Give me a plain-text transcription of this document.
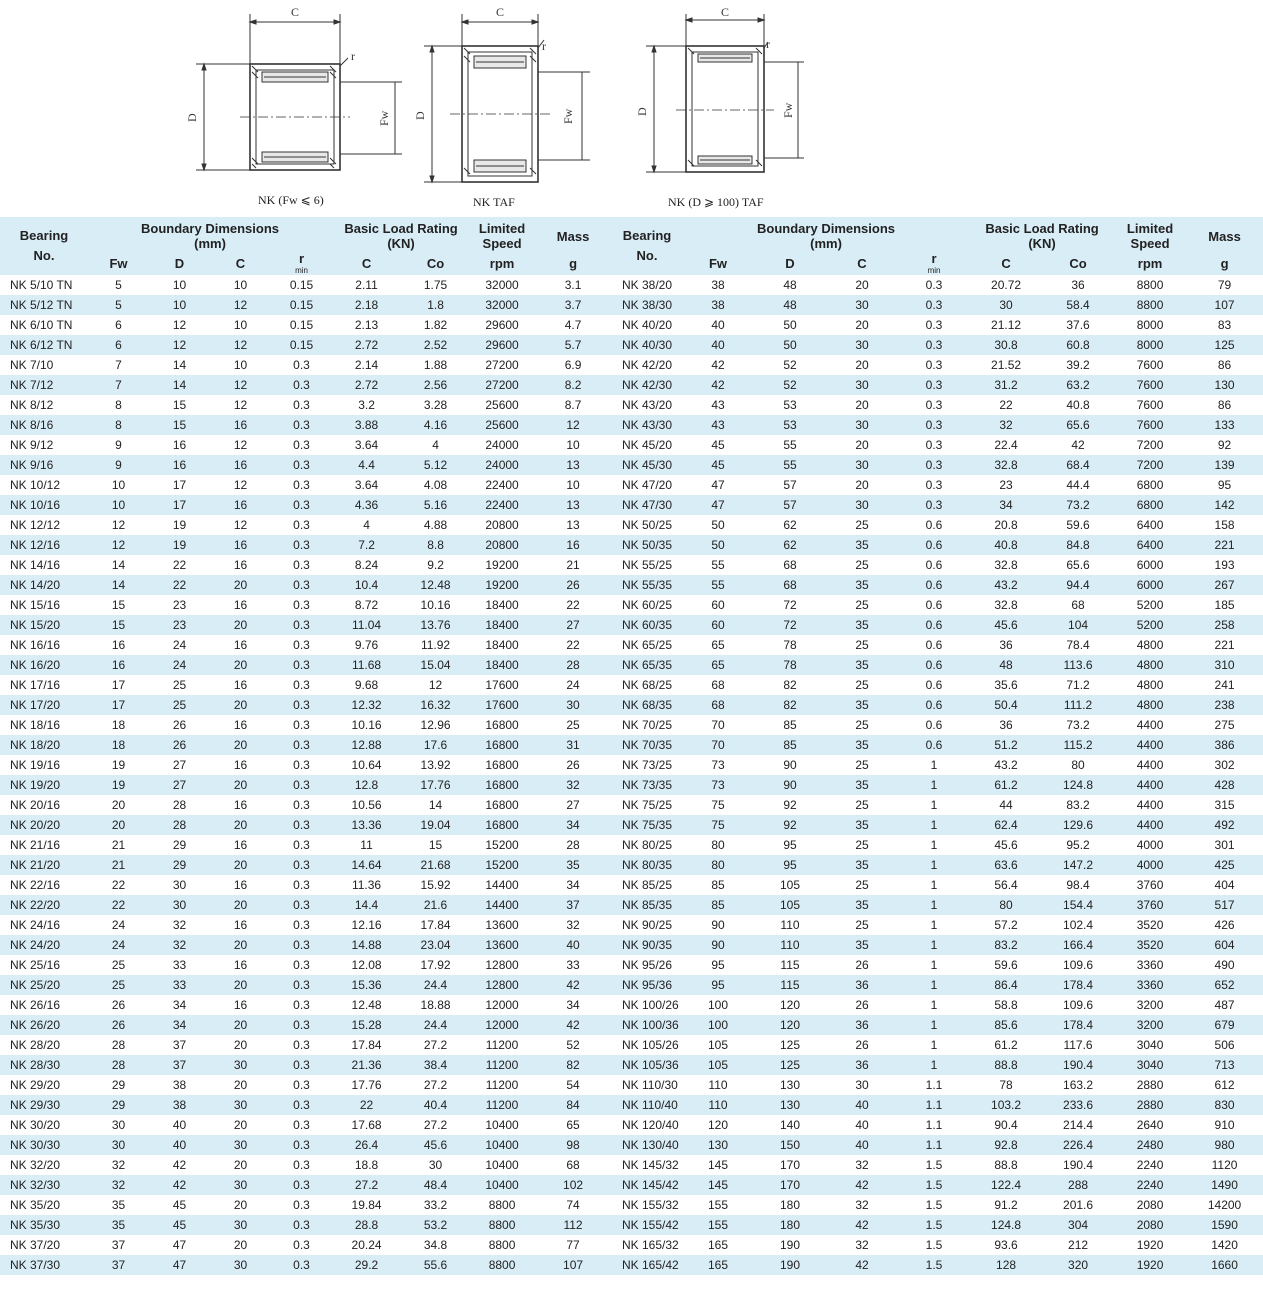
C
r
D	Fw
NK (Fw ⩽ 6)
C
r
D	Fw
NK TAF
C
r
D	Fw
NK (D ⩾ 100) TAF
Bearing No.	Boundary Dimensions
(mm)				Basic Load Rating
(KN)		Limited Speed	Mass
	Fw	D	C	r
min	C	Co	rpm	g
NK 5/10 TN	5	10	10	0.15	2.11	1.75	32000	3.1
NK 5/12 TN	5	10	12	0.15	2.18	1.8	32000	3.7
NK 6/10 TN	6	12	10	0.15	2.13	1.82	29600	4.7
NK 6/12 TN	6	12	12	0.15	2.72	2.52	29600	5.7
NK 7/10	7	14	10	0.3	2.14	1.88	27200	6.9
NK 7/12	7	14	12	0.3	2.72	2.56	27200	8.2
NK 8/12	8	15	12	0.3	3.2	3.28	25600	8.7
NK 8/16	8	15	16	0.3	3.88	4.16	25600	12
NK 9/12	9	16	12	0.3	3.64	4	24000	10
NK 9/16	9	16	16	0.3	4.4	5.12	24000	13
NK 10/12	10	17	12	0.3	3.64	4.08	22400	10
NK 10/16	10	17	16	0.3	4.36	5.16	22400	13
NK 12/12	12	19	12	0.3	4	4.88	20800	13
NK 12/16	12	19	16	0.3	7.2	8.8	20800	16
NK 14/16	14	22	16	0.3	8.24	9.2	19200	21
NK 14/20	14	22	20	0.3	10.4	12.48	19200	26
NK 15/16	15	23	16	0.3	8.72	10.16	18400	22
NK 15/20	15	23	20	0.3	11.04	13.76	18400	27
NK 16/16	16	24	16	0.3	9.76	11.92	18400	22
NK 16/20	16	24	20	0.3	11.68	15.04	18400	28
NK 17/16	17	25	16	0.3	9.68	12	17600	24
NK 17/20	17	25	20	0.3	12.32	16.32	17600	30
NK 18/16	18	26	16	0.3	10.16	12.96	16800	25
NK 18/20	18	26	20	0.3	12.88	17.6	16800	31
NK 19/16	19	27	16	0.3	10.64	13.92	16800	26
NK 19/20	19	27	20	0.3	12.8	17.76	16800	32
NK 20/16	20	28	16	0.3	10.56	14	16800	27
NK 20/20	20	28	20	0.3	13.36	19.04	16800	34
NK 21/16	21	29	16	0.3	11	15	15200	28
NK 21/20	21	29	20	0.3	14.64	21.68	15200	35
NK 22/16	22	30	16	0.3	11.36	15.92	14400	34
NK 22/20	22	30	20	0.3	14.4	21.6	14400	37
NK 24/16	24	32	16	0.3	12.16	17.84	13600	32
NK 24/20	24	32	20	0.3	14.88	23.04	13600	40
NK 25/16	25	33	16	0.3	12.08	17.92	12800	33
NK 25/20	25	33	20	0.3	15.36	24.4	12800	42
NK 26/16	26	34	16	0.3	12.48	18.88	12000	34
NK 26/20	26	34	20	0.3	15.28	24.4	12000	42
NK 28/20	28	37	20	0.3	17.84	27.2	11200	52
NK 28/30	28	37	30	0.3	21.36	38.4	11200	82
NK 29/20	29	38	20	0.3	17.76	27.2	11200	54
NK 29/30	29	38	30	0.3	22	40.4	11200	84
NK 30/20	30	40	20	0.3	17.68	27.2	10400	65
NK 30/30	30	40	30	0.3	26.4	45.6	10400	98
NK 32/20	32	42	20	0.3	18.8	30	10400	68
NK 32/30	32	42	30	0.3	27.2	48.4	10400	102
NK 35/20	35	45	20	0.3	19.84	33.2	8800	74
NK 35/30	35	45	30	0.3	28.8	53.2	8800	112
NK 37/20	37	47	20	0.3	20.24	34.8	8800	77
NK 37/30	37	47	30	0.3	29.2	55.6	8800	107
Bearing No.	Boundary Dimensions
(mm)				Basic Load Rating
(KN)		Limited Speed	Mass
	Fw	D	C	r
min	C	Co	rpm	g
NK 38/20	38	48	20	0.3	20.72	36	8800	79
NK 38/30	38	48	30	0.3	30	58.4	8800	107
NK 40/20	40	50	20	0.3	21.12	37.6	8000	83
NK 40/30	40	50	30	0.3	30.8	60.8	8000	125
NK 42/20	42	52	20	0.3	21.52	39.2	7600	86
NK 42/30	42	52	30	0.3	31.2	63.2	7600	130
NK 43/20	43	53	20	0.3	22	40.8	7600	86
NK 43/30	43	53	30	0.3	32	65.6	7600	133
NK 45/20	45	55	20	0.3	22.4	42	7200	92
NK 45/30	45	55	30	0.3	32.8	68.4	7200	139
NK 47/20	47	57	20	0.3	23	44.4	6800	95
NK 47/30	47	57	30	0.3	34	73.2	6800	142
NK 50/25	50	62	25	0.6	20.8	59.6	6400	158
NK 50/35	50	62	35	0.6	40.8	84.8	6400	221
NK 55/25	55	68	25	0.6	32.8	65.6	6000	193
NK 55/35	55	68	35	0.6	43.2	94.4	6000	267
NK 60/25	60	72	25	0.6	32.8	68	5200	185
NK 60/35	60	72	35	0.6	45.6	104	5200	258
NK 65/25	65	78	25	0.6	36	78.4	4800	221
NK 65/35	65	78	35	0.6	48	113.6	4800	310
NK 68/25	68	82	25	0.6	35.6	71.2	4800	241
NK 68/35	68	82	35	0.6	50.4	111.2	4800	238
NK 70/25	70	85	25	0.6	36	73.2	4400	275
NK 70/35	70	85	35	0.6	51.2	115.2	4400	386
NK 73/25	73	90	25	1	43.2	80	4400	302
NK 73/35	73	90	35	1	61.2	124.8	4400	428
NK 75/25	75	92	25	1	44	83.2	4400	315
NK 75/35	75	92	35	1	62.4	129.6	4400	492
NK 80/25	80	95	25	1	45.6	95.2	4000	301
NK 80/35	80	95	35	1	63.6	147.2	4000	425
NK 85/25	85	105	25	1	56.4	98.4	3760	404
NK 85/35	85	105	35	1	80	154.4	3760	517
NK 90/25	90	110	25	1	57.2	102.4	3520	426
NK 90/35	90	110	35	1	83.2	166.4	3520	604
NK 95/26	95	115	26	1	59.6	109.6	3360	490
NK 95/36	95	115	36	1	86.4	178.4	3360	652
NK 100/26	100	120	26	1	58.8	109.6	3200	487
NK 100/36	100	120	36	1	85.6	178.4	3200	679
NK 105/26	105	125	26	1	61.2	117.6	3040	506
NK 105/36	105	125	36	1	88.8	190.4	3040	713
NK 110/30	110	130	30	1.1	78	163.2	2880	612
NK 110/40	110	130	40	1.1	103.2	233.6	2880	830
NK 120/40	120	140	40	1.1	90.4	214.4	2640	910
NK 130/40	130	150	40	1.1	92.8	226.4	2480	980
NK 145/32	145	170	32	1.5	88.8	190.4	2240	1120
NK 145/42	145	170	42	1.5	122.4	288	2240	1490
NK 155/32	155	180	32	1.5	91.2	201.6	2080	14200
NK 155/42	155	180	42	1.5	124.8	304	2080	1590
NK 165/32	165	190	32	1.5	93.6	212	1920	1420
NK 165/42	165	190	42	1.5	128	320	1920	1660
